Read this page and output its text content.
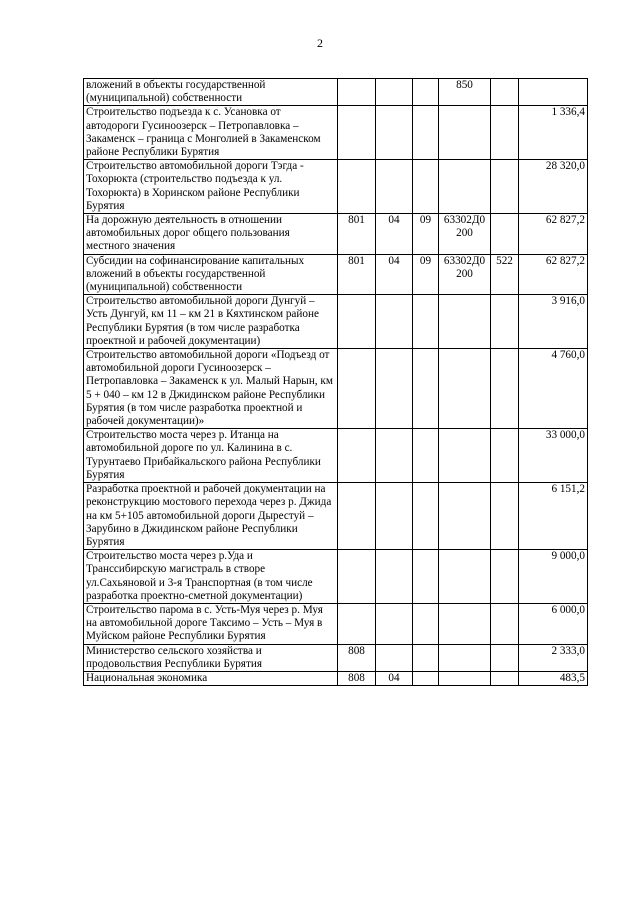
2
вложений в объекты государственной (муниципальной) собственности				850		
Строительство подъезда к с. Усановка от автодороги Гусиноозерск – Петропавловка – Закаменск – граница с Монголией в Закаменском районе Республики Бурятия						1 336,4
Строительство автомобильной дороги Тэгда - Тохорюкта (строительство подъезда к ул. Тохорюкта) в Хоринском районе Республики Бурятия						28 320,0
На дорожную деятельность в отношении автомобильных дорог общего пользования местного значения	801	04	09	63302Д0 200		62 827,2
Субсидии на софинансирование капитальных вложений в объекты государственной (муниципальной) собственности	801	04	09	63302Д0 200	522	62 827,2
Строительство автомобильной дороги Дунгуй – Усть Дунгуй, км 11 – км 21 в Кяхтинском районе Республики Бурятия (в том числе разработка проектной и рабочей документации)						3 916,0
Строительство автомобильной дороги «Подъезд от автомобильной дороги Гусиноозерск – Петропавловка – Закаменск к ул. Малый Нарын, км 5 + 040 – км 12 в Джидинском районе Республики Бурятия (в том числе разработка проектной и рабочей документации)»						4 760,0
Строительство моста через р. Итанца на автомобильной дороге по ул. Калинина в с. Турунтаево Прибайкальского района Республики Бурятия						33 000,0
Разработка проектной и рабочей документации на реконструкцию мостового перехода через р. Джида на км 5+105 автомобильной дороги Дырестуй – Зарубино в Джидинском районе Республики Бурятия						6 151,2
Строительство моста через р.Уда и Транссибирскую магистраль в створе ул.Сахьяновой и 3-я Транспортная (в том числе разработка проектно-сметной документации)						9 000,0
Строительство парома в с. Усть-Муя через р. Муя на автомобильной дороге Таксимо – Усть – Муя в Муйском районе Республики Бурятия						6 000,0
Министерство сельского хозяйства и продовольствия Республики Бурятия	808					2 333,0
Национальная экономика	808	04				483,5
